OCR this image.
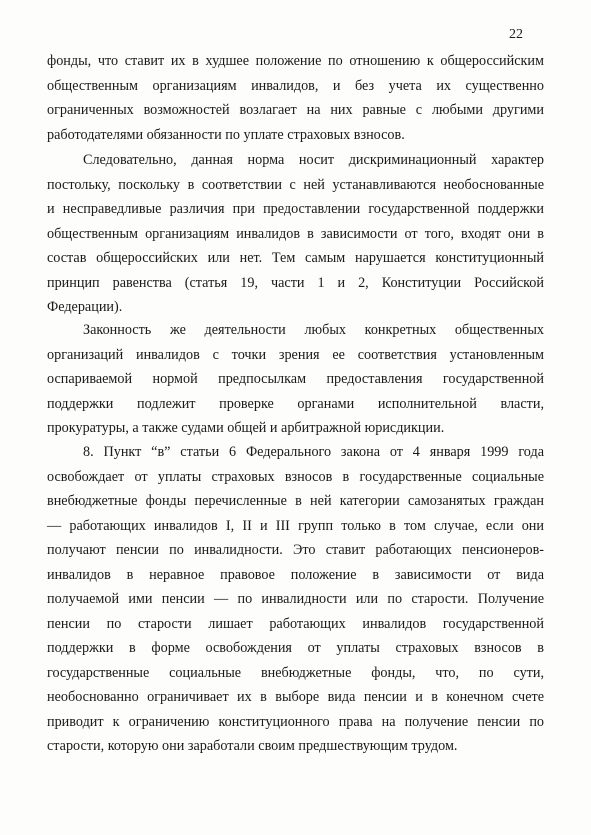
22
фонды, что ставит их в худшее положение по отношению к общероссийским
общественным организациям инвалидов, и без учета их существенно
ограниченных возможностей возлагает на них равные с любыми другими
работодателями обязанности по уплате страховых взносов.
Следовательно, данная норма носит дискриминационный характер
постольку, поскольку в соответствии с ней устанавливаются необоснованные
и несправедливые различия при предоставлении государственной поддержки
общественным организациям инвалидов в зависимости от того, входят они в
состав общероссийских или нет. Тем самым нарушается конституционный
принцип равенства (статья 19, части 1 и 2, Конституции Российской
Федерации).
Законность же деятельности любых конкретных общественных
организаций инвалидов с точки зрения ее соответствия установленным
оспариваемой нормой предпосылкам предоставления государственной
поддержки подлежит проверке органами исполнительной власти,
прокуратуры, а также судами общей и арбитражной юрисдикции.
8. Пункт “в” статьи 6 Федерального закона от 4 января 1999 года
освобождает от уплаты страховых взносов в государственные социальные
внебюджетные фонды перечисленные в ней категории самозанятых граждан
— работающих инвалидов I, II и III групп только в том случае, если они
получают пенсии по инвалидности. Это ставит работающих пенсионеров-
инвалидов в неравное правовое положение в зависимости от вида
получаемой ими пенсии — по инвалидности или по старости. Получение
пенсии по старости лишает работающих инвалидов государственной
поддержки в форме освобождения от уплаты страховых взносов в
государственные социальные внебюджетные фонды, что, по сути,
необоснованно ограничивает их в выборе вида пенсии и в конечном счете
приводит к ограничению конституционного права на получение пенсии по
старости, которую они заработали своим предшествующим трудом.
